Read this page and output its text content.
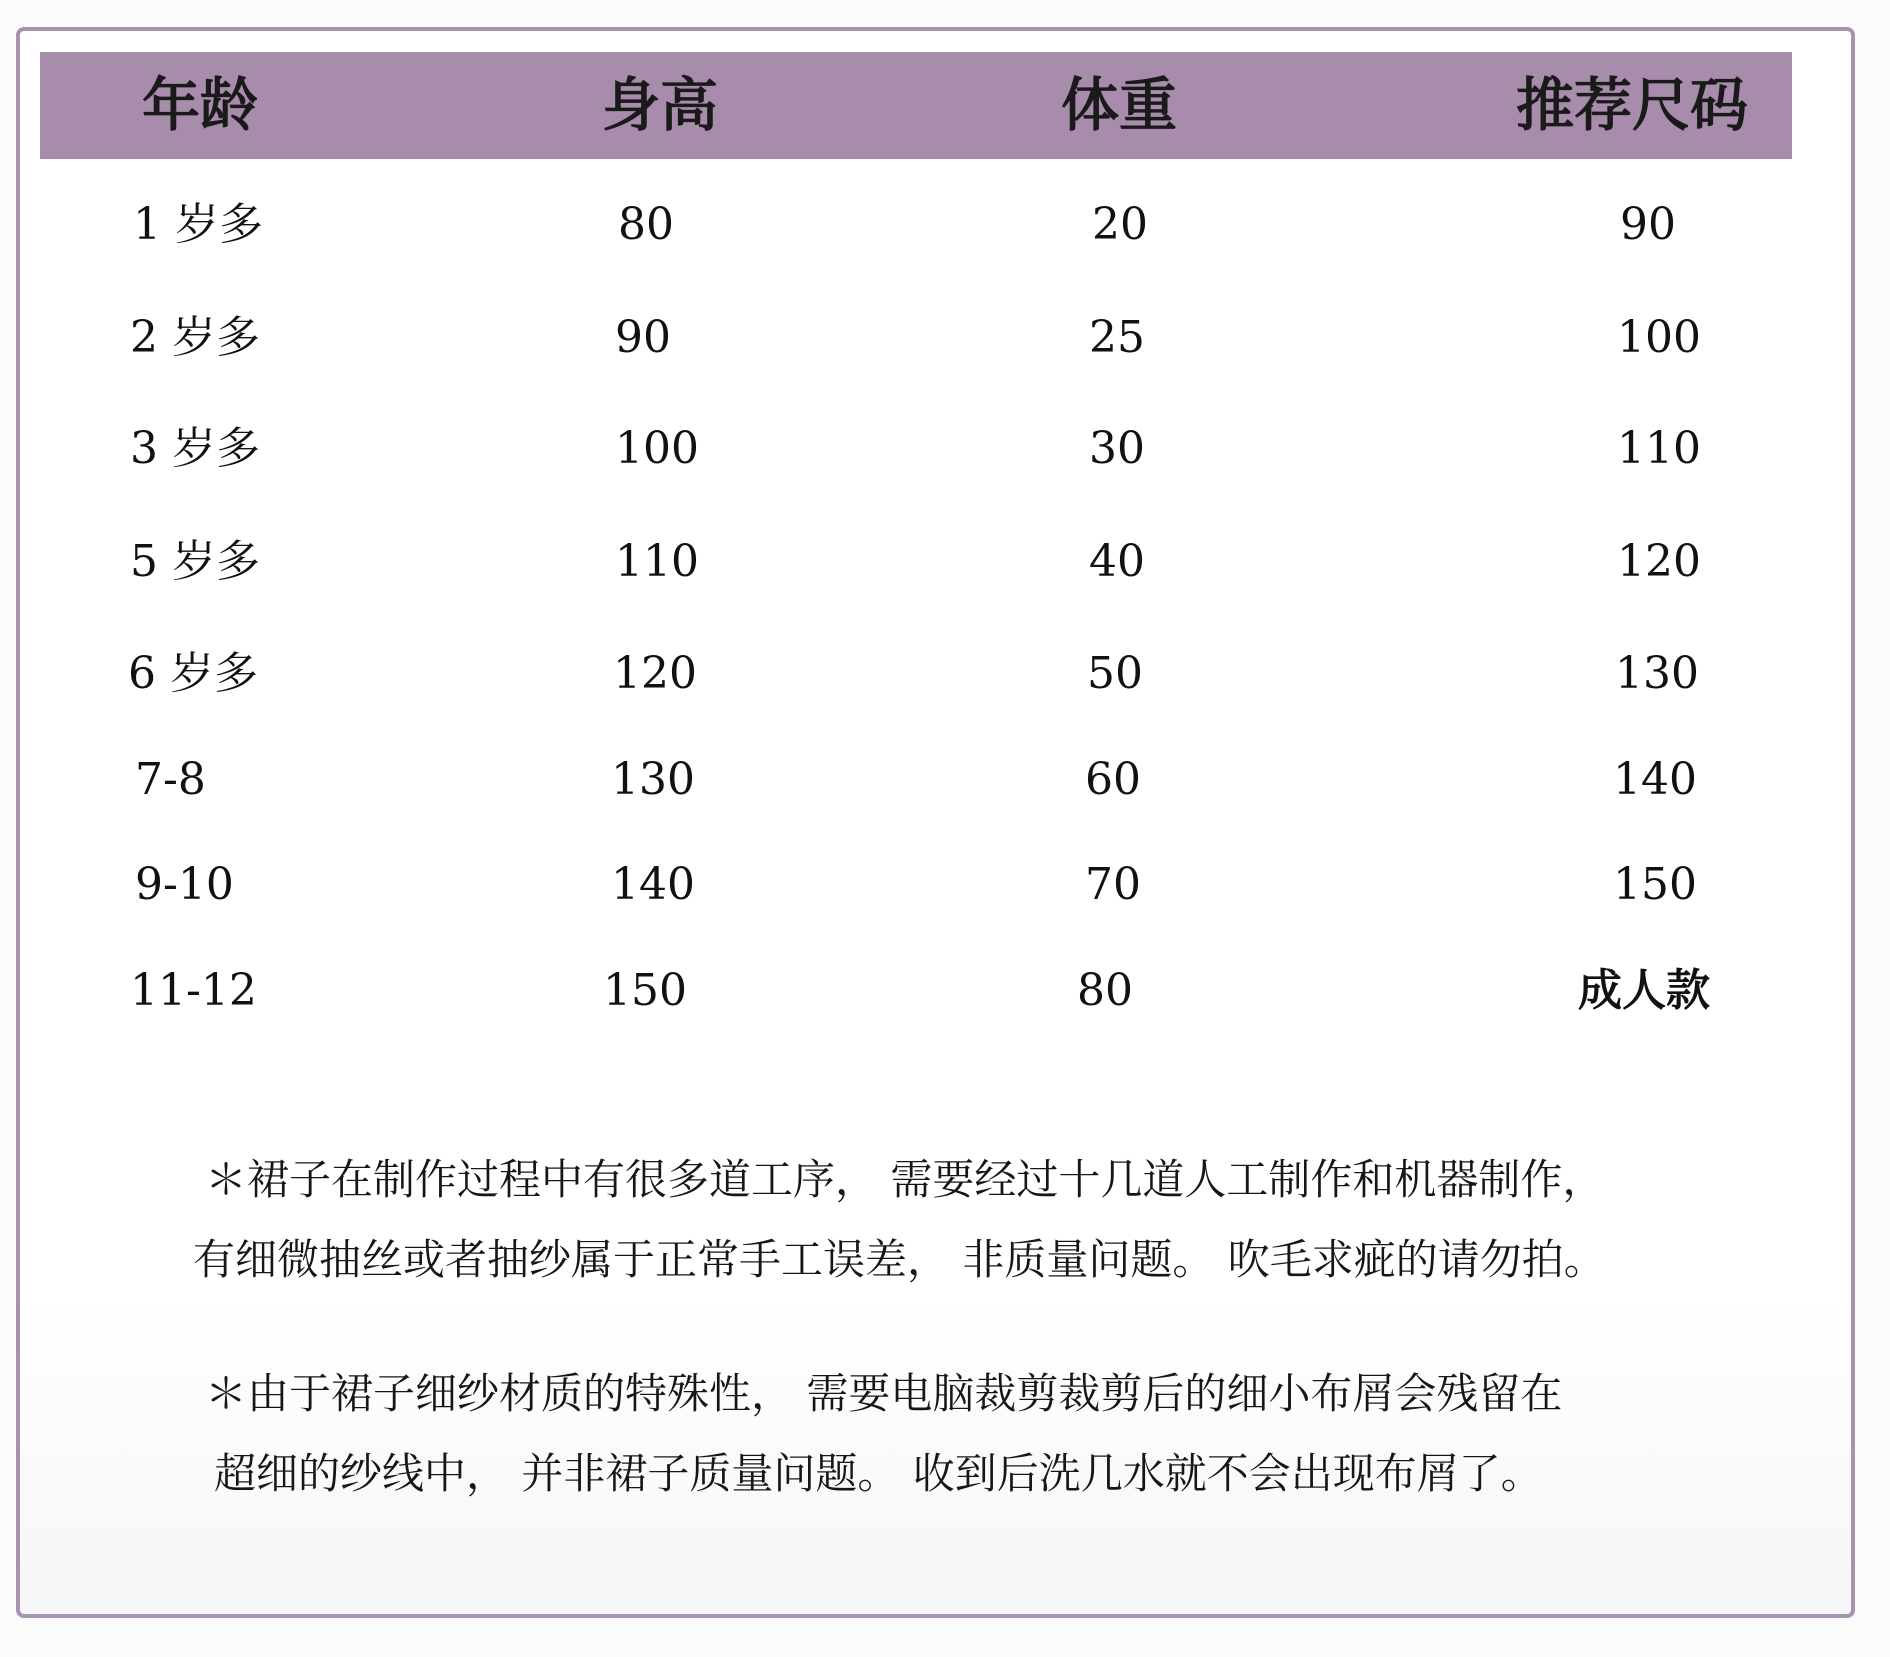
年龄	身高	体重	推荐尺码
1 岁多	80	20	90
2 岁多	90	25	100
3 岁多	100	30	110
5 岁多	110	40	120
6 岁多	120	50	130
7-8	130	60	140
9-10	140	70	150
11-12	150	80	成人款
＊裙子在制作过程中有很多道工序， 需要经过十几道人工制作和机器制作，
有细微抽丝或者抽纱属于正常手工误差， 非质量问题。 吹毛求疵的请勿拍。
＊由于裙子细纱材质的特殊性， 需要电脑裁剪裁剪后的细小布屑会残留在
超细的纱线中， 并非裙子质量问题。 收到后洗几水就不会出现布屑了。
